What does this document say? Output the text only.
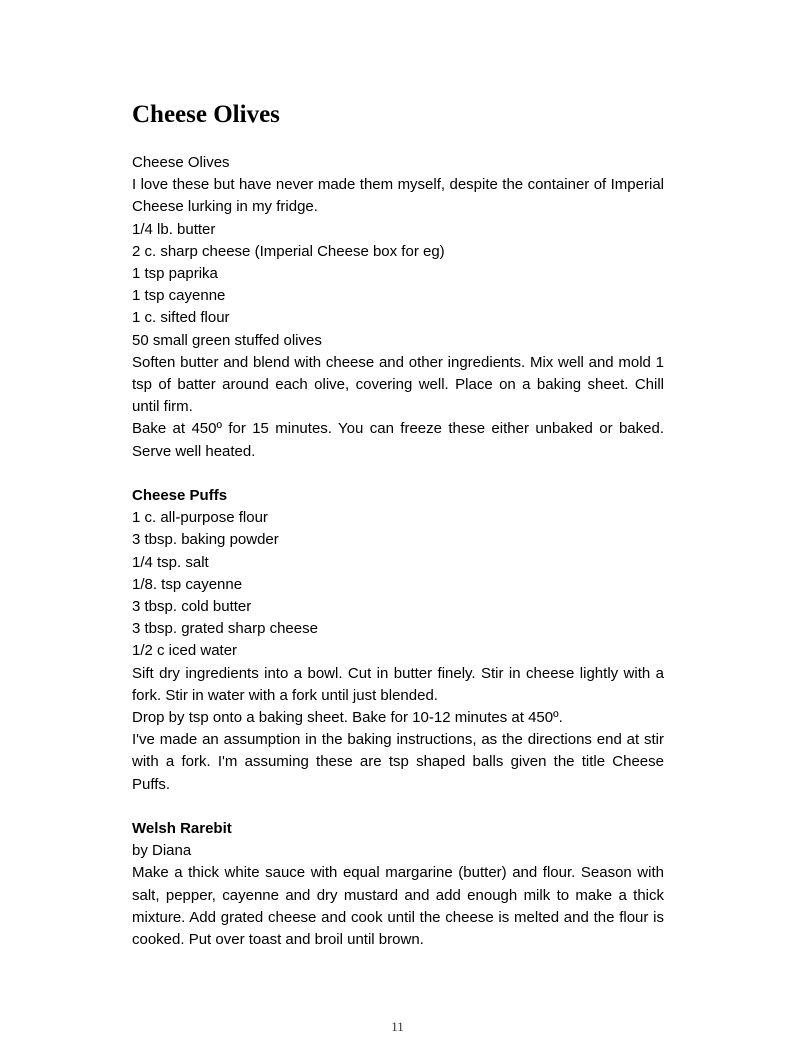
Cheese Olives
Cheese Olives
I love these but have never made them myself, despite the container of Imperial Cheese lurking in my fridge.
1/4 lb. butter
2 c. sharp cheese (Imperial Cheese box for eg)
1 tsp paprika
1 tsp cayenne
1 c. sifted flour
50 small green stuffed olives
Soften butter and blend with cheese and other ingredients. Mix well and mold 1 tsp of batter around each olive, covering well. Place on a baking sheet. Chill until firm.
Bake at 450º for 15 minutes. You can freeze these either unbaked or baked. Serve well heated.
Cheese Puffs
1 c. all-purpose flour
3 tbsp. baking powder
1/4 tsp. salt
1/8. tsp cayenne
3 tbsp. cold butter
3 tbsp. grated sharp cheese
1/2 c iced water
Sift dry ingredients into a bowl. Cut in butter finely. Stir in cheese lightly with a fork. Stir in water with a fork until just blended.
Drop by tsp onto a baking sheet. Bake for 10-12 minutes at 450º.
I've made an assumption in the baking instructions, as the directions end at stir with a fork. I'm assuming these are tsp shaped balls given the title Cheese Puffs.
Welsh Rarebit
by Diana
Make a thick white sauce with equal margarine (butter) and flour. Season with salt, pepper, cayenne and dry mustard and add enough milk to make a thick mixture. Add grated cheese and cook until the cheese is melted and the flour is cooked. Put over toast and broil until brown.
11
